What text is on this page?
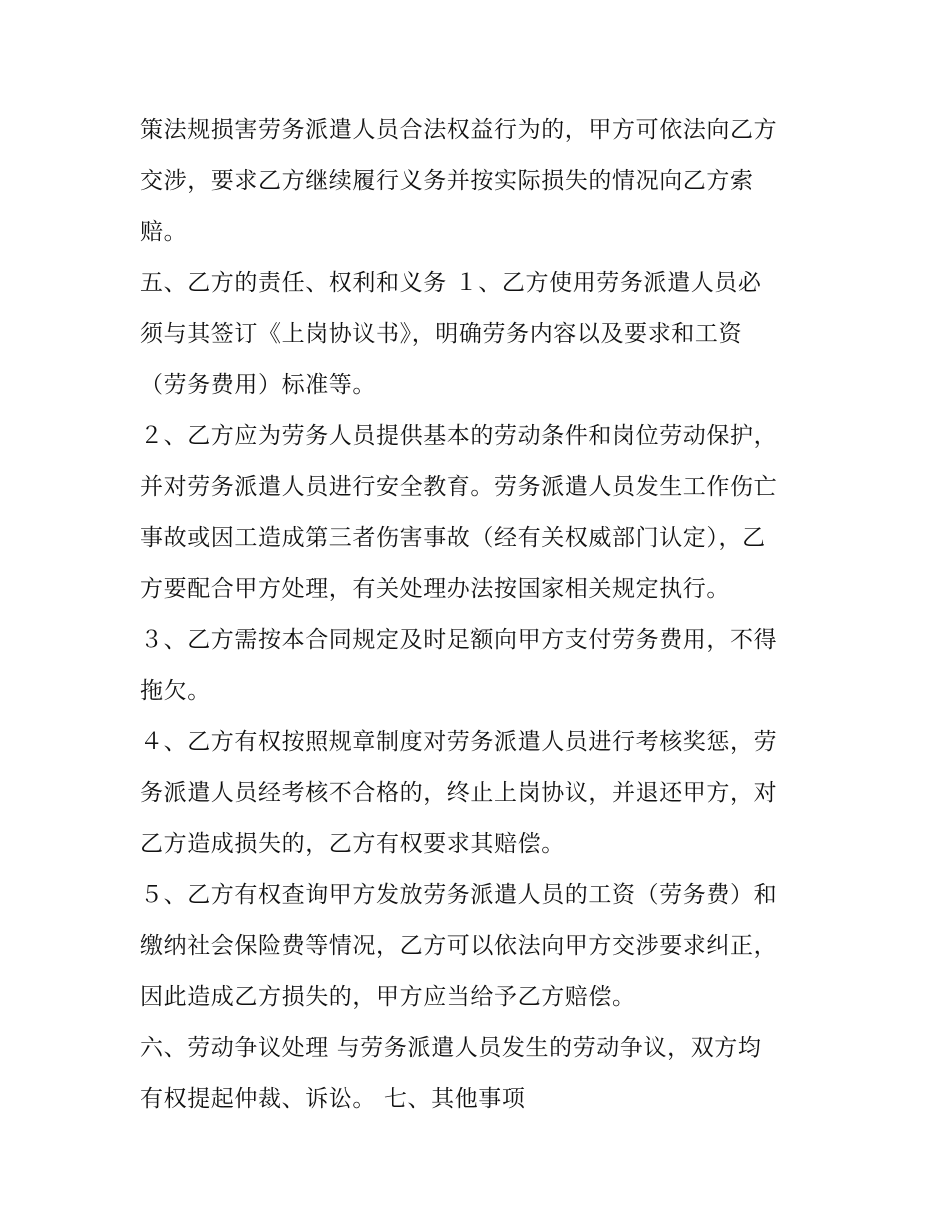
策法规损害劳务派遣人员合法权益行为的，甲方可依法向乙方
交涉，要求乙方继续履行义务并按实际损失的情况向乙方索
赔。
五、乙方的责任、权利和义务 １、乙方使用劳务派遣人员必
须与其签订《上岗协议书》，明确劳务内容以及要求和工资
（劳务费用）标准等。
２、乙方应为劳务人员提供基本的劳动条件和岗位劳动保护，
并对劳务派遣人员进行安全教育。劳务派遣人员发生工作伤亡
事故或因工造成第三者伤害事故（经有关权威部门认定），乙
方要配合甲方处理，有关处理办法按国家相关规定执行。
３、乙方需按本合同规定及时足额向甲方支付劳务费用，不得
拖欠。
４、乙方有权按照规章制度对劳务派遣人员进行考核奖惩，劳
务派遣人员经考核不合格的，终止上岗协议，并退还甲方，对
乙方造成损失的，乙方有权要求其赔偿。
５、乙方有权查询甲方发放劳务派遣人员的工资（劳务费）和
缴纳社会保险费等情况，乙方可以依法向甲方交涉要求纠正，
因此造成乙方损失的，甲方应当给予乙方赔偿。
六、劳动争议处理 与劳务派遣人员发生的劳动争议，双方均
有权提起仲裁、诉讼。 七、其他事项
